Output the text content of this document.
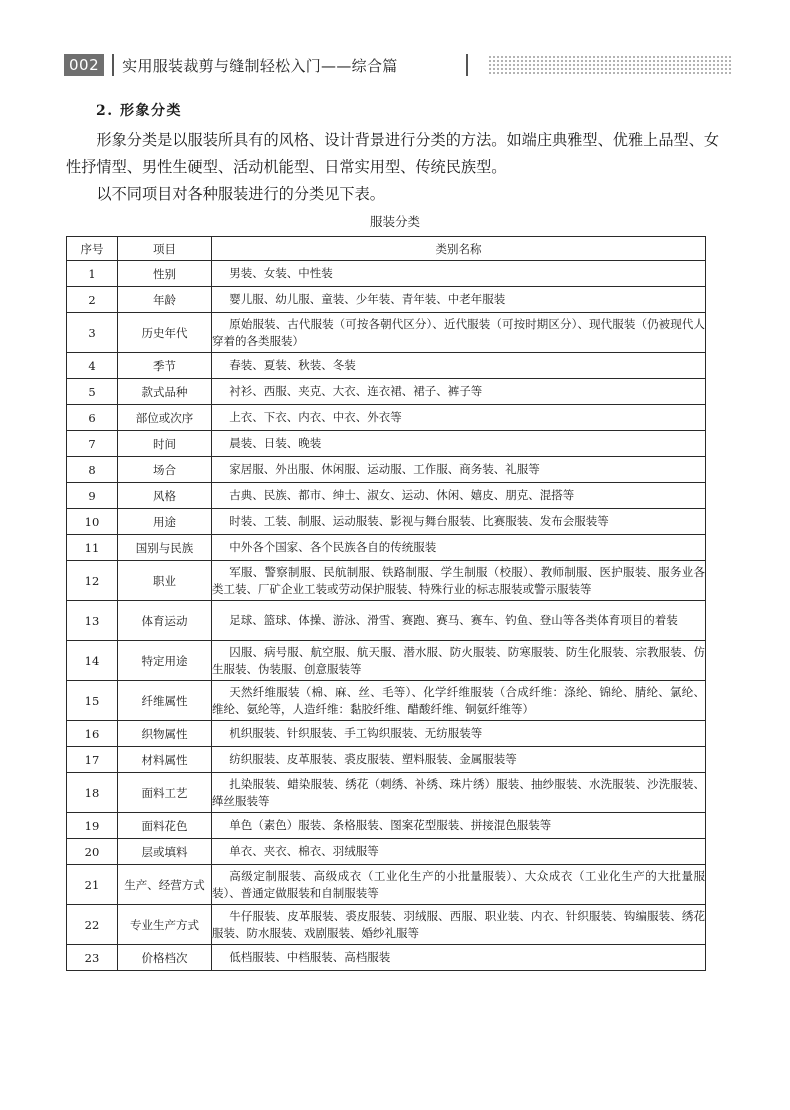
002	实用服装裁剪与缝制轻松入门——综合篇
2. 形象分类

形象分类是以服装所具有的风格、设计背景进行分类的方法。如端庄典雅型、优雅上品型、女性抒情型、男性生硬型、活动机能型、日常实用型、传统民族型。

以不同项目对各种服装进行的分类见下表。

服装分类
序号	项目	类别名称
1	性别	男装、女装、中性装
2	年龄	婴儿服、幼儿服、童装、少年装、青年装、中老年服装
3	历史年代	原始服装、古代服装（可按各朝代区分）、近代服装（可按时期区分）、现代服装（仍被现代人穿着的各类服装）
4	季节	春装、夏装、秋装、冬装
5	款式品种	衬衫、西服、夹克、大衣、连衣裙、裙子、裤子等
6	部位或次序	上衣、下衣、内衣、中衣、外衣等
7	时间	晨装、日装、晚装
8	场合	家居服、外出服、休闲服、运动服、工作服、商务装、礼服等
9	风格	古典、民族、都市、绅士、淑女、运动、休闲、嬉皮、朋克、混搭等
10	用途	时装、工装、制服、运动服装、影视与舞台服装、比赛服装、发布会服装等
11	国别与民族	中外各个国家、各个民族各自的传统服装
12	职业	军服、警察制服、民航制服、铁路制服、学生制服（校服）、教师制服、医护服装、服务业各类工装、厂矿企业工装或劳动保护服装、特殊行业的标志服装或警示服装等
13	体育运动	足球、篮球、体操、游泳、滑雪、赛跑、赛马、赛车、钓鱼、登山等各类体育项目的着装
14	特定用途	囚服、病号服、航空服、航天服、潜水服、防火服装、防寒服装、防生化服装、宗教服装、仿生服装、伪装服、创意服装等
15	纤维属性	天然纤维服装（棉、麻、丝、毛等）、化学纤维服装（合成纤维：涤纶、锦纶、腈纶、氯纶、维纶、氨纶等，人造纤维：黏胶纤维、醋酸纤维、铜氨纤维等）
16	织物属性	机织服装、针织服装、手工钩织服装、无纺服装等
17	材料属性	纺织服装、皮革服装、裘皮服装、塑料服装、金属服装等
18	面料工艺	扎染服装、蜡染服装、绣花（刺绣、补绣、珠片绣）服装、抽纱服装、水洗服装、沙洗服装、缂丝服装等
19	面料花色	单色（素色）服装、条格服装、图案花型服装、拼接混色服装等
20	层或填料	单衣、夹衣、棉衣、羽绒服等
21	生产、经营方式	高级定制服装、高级成衣（工业化生产的小批量服装）、大众成衣（工业化生产的大批量服装）、普通定做服装和自制服装等
22	专业生产方式	牛仔服装、皮革服装、裘皮服装、羽绒服、西服、职业装、内衣、针织服装、钩编服装、绣花服装、防水服装、戏剧服装、婚纱礼服等
23	价格档次	低档服装、中档服装、高档服装
